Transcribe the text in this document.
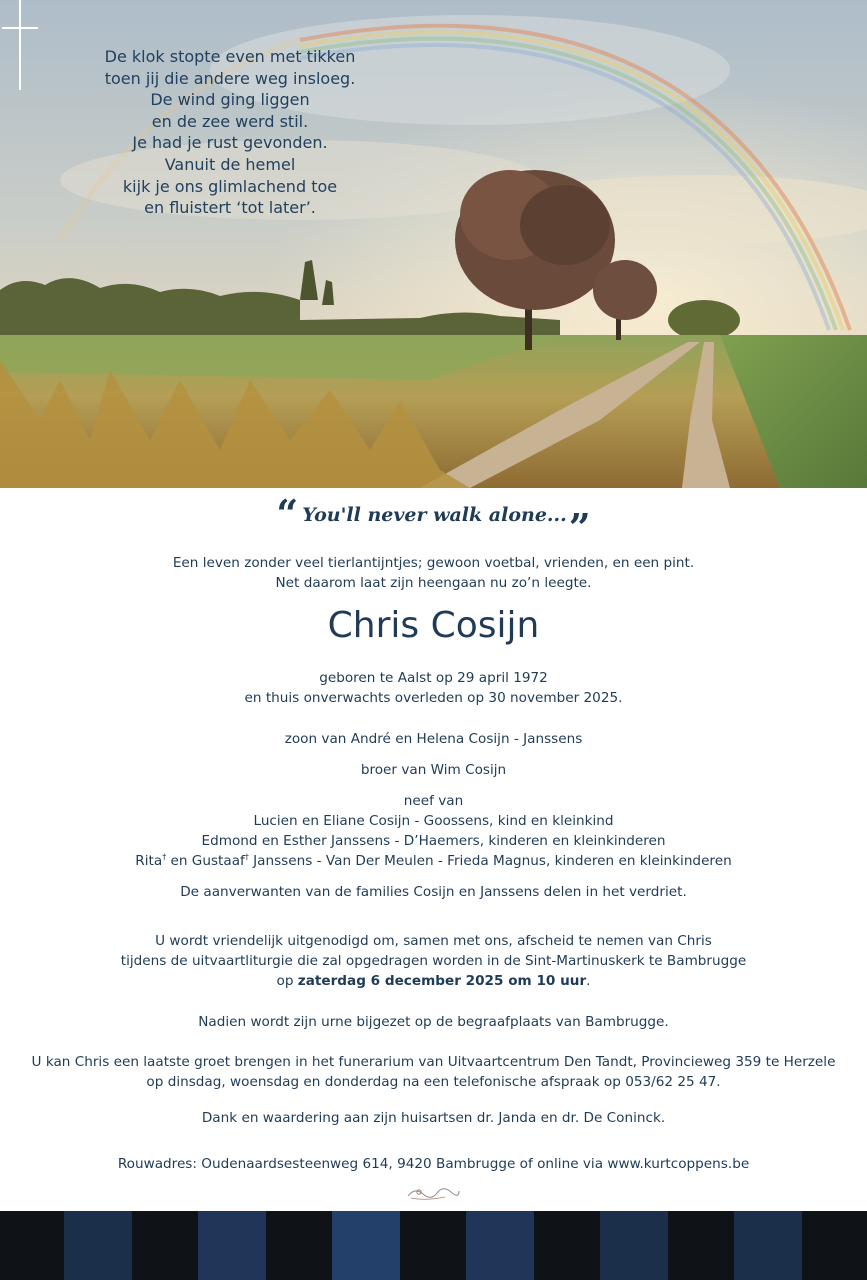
De klok stopte even met tikken
toen jij die andere weg insloeg.
De wind ging liggen
en de zee werd stil.
Je had je rust gevonden.
Vanuit de hemel
kijk je ons glimlachend toe
en fluistert ‘tot later’.
“ You'll never walk alone...”
Een leven zonder veel tierlantijntjes; gewoon voetbal, vrienden, en een pint.
Net daarom laat zijn heengaan nu zo’n leegte.
Chris Cosijn
geboren te Aalst op 29 april 1972
en thuis onverwachts overleden op 30 november 2025.
zoon van André en Helena Cosijn - Janssens
broer van Wim Cosijn
neef van
Lucien en Eliane Cosijn - Goossens, kind en kleinkind
Edmond en Esther Janssens - D’Haemers, kinderen en kleinkinderen
Rita† en Gustaaf† Janssens - Van Der Meulen - Frieda Magnus, kinderen en kleinkinderen
De aanverwanten van de families Cosijn en Janssens delen in het verdriet.
U wordt vriendelijk uitgenodigd om, samen met ons, afscheid te nemen van Chris
tijdens de uitvaartliturgie die zal opgedragen worden in de Sint-Martinuskerk te Bambrugge
op zaterdag 6 december 2025 om 10 uur.
Nadien wordt zijn urne bijgezet op de begraafplaats van Bambrugge.
U kan Chris een laatste groet brengen in het funerarium van Uitvaartcentrum Den Tandt, Provincieweg 359 te Herzele
op dinsdag, woensdag en donderdag na een telefonische afspraak op 053/62 25 47.
Dank en waardering aan zijn huisartsen dr. Janda en dr. De Coninck.
Rouwadres: Oudenaardsesteenweg 614, 9420 Bambrugge of online via www.kurtcoppens.be
